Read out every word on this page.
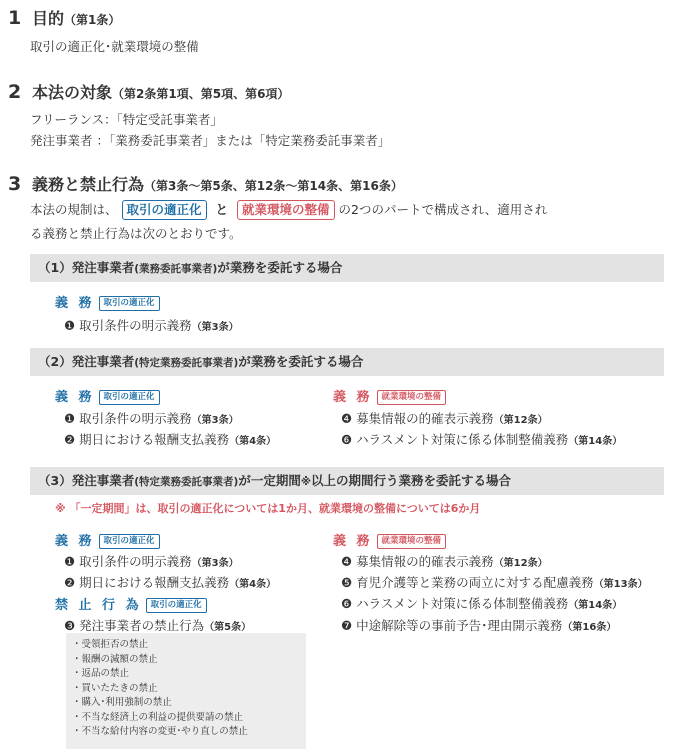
1 目的（第1条）
取引の適正化･就業環境の整備
2 本法の対象（第2条第1項、第5項、第6項）
フリーランス：「特定受託事業者」
発注事業者 ：「業務委託事業者」または「特定業務委託事業者」
3 義務と禁止行為（第3条〜第5条、第12条〜第14条、第16条）
本法の規制は、 取引の適正化 と 就業環境の整備 の2つのパートで構成され、適用され
る義務と禁止行為は次のとおりです。
（1）発注事業者(業務委託事業者)が業務を委託する場合
義 務 取引の適正化
❶ 取引条件の明示義務（第3条）
（2）発注事業者(特定業務委託事業者)が業務を委託する場合
義 務 取引の適正化
❶ 取引条件の明示義務（第3条）
❷ 期日における報酬支払義務（第4条）
義 務 就業環境の整備
❹ 募集情報の的確表示義務（第12条）
❻ ハラスメント対策に係る体制整備義務（第14条）
（3）発注事業者(特定業務委託事業者)が一定期間※以上の期間行う業務を委託する場合
※ 「一定期間」は、取引の適正化については1か月、就業環境の整備については6か月
義 務 取引の適正化
❶ 取引条件の明示義務（第3条）
❷ 期日における報酬支払義務（第4条）
禁 止 行 為 取引の適正化
❸ 発注事業者の禁止行為（第5条）
・受領拒否の禁止
・報酬の減額の禁止
・返品の禁止
・買いたたきの禁止
・購入･利用強制の禁止
・不当な経済上の利益の提供要請の禁止
・不当な給付内容の変更･やり直しの禁止
義 務 就業環境の整備
❹ 募集情報の的確表示義務（第12条）
❺ 育児介護等と業務の両立に対する配慮義務（第13条）
❻ ハラスメント対策に係る体制整備義務（第14条）
❼ 中途解除等の事前予告･理由開示義務（第16条）
